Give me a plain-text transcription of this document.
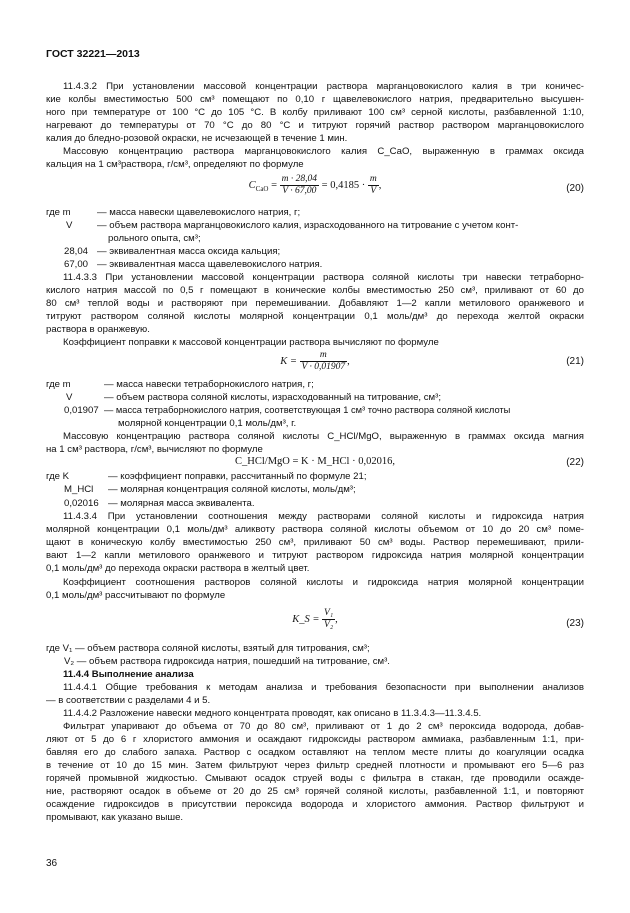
ГОСТ 32221—2013
11.4.3.2 При установлении массовой концентрации раствора марганцовокислого калия в три коничес-
кие колбы вместимостью 500 см³ помещают по 0,10 г щавелевокислого натрия, предварительно высушен-
ного при температуре от 100 °С до 105 °С. В колбу приливают 100 см³ серной кислоты, разбавленной 1:10,
нагревают до температуры от 70 °С до 80 °С и титруют горячий раствор раствором марганцовокислого
калия до бледно-розовой окраски, не исчезающей в течение 1 мин.
Массовую концентрацию раствора марганцовокислого калия C_CaO, выраженную в граммах оксида
кальция на 1 см³раствора, г/см³, определяют по формуле
$C_{CaO} = \frac{m \cdot 28,04}{V \cdot 67,00} = 0,4185 \cdot \frac{m}{V}$ ,	(20)
где m	— масса навески щавелевокислого натрия, г;
V	— объем раствора марганцовокислого калия, израсходованного на титрование с учетом конт-
рольного опыта, см³;
28,04 — эквивалентная масса оксида кальция;
67,00 — эквивалентная масса щавелевокислого натрия.
11.4.3.3 При установлении массовой концентрации раствора соляной кислоты три навески тетраборно-
кислого натрия массой по 0,5 г помещают в конические колбы вместимостью 250 см³, приливают от 60 до
80 см³ теплой воды и растворяют при перемешивании. Добавляют 1—2 капли метилового оранжевого и
титруют раствором соляной кислоты молярной концентрации 0,1 моль/дм³ до перехода желтой окраски
раствора в оранжевую.
Коэффициент поправки к массовой концентрации раствора вычисляют по формуле
$K = \frac{m}{V \cdot 0,01907}$ ,	(21)
где m	— масса навески тетраборнокислого натрия, г;
V	— объем раствора соляной кислоты, израсходованный на титрование, см³;
0,01907 — масса тетраборнокислого натрия, соответствующая 1 см³ точно раствора соляной кислоты
молярной концентрации 0,1 моль/дм³, г.
Массовую концентрацию раствора соляной кислоты C_HCl/MgO, выраженную в граммах оксида магния
на 1 см³ раствора, г/см³, вычисляют по формуле
C_HCl/MgO = K · M_HCl · 0,02016,	(22)
где K	— коэффициент поправки, рассчитанный по формуле 21;
M_HCl — молярная концентрация соляной кислоты, моль/дм³;
0,02016 — молярная масса эквивалента.
11.4.3.4 При установлении соотношения между растворами соляной кислоты и гидроксида натрия
молярной концентрации 0,1 моль/дм³ аликвоту раствора соляной кислоты объемом от 10 до 20 см³ поме-
щают в коническую колбу вместимостью 250 см³, приливают 50 см³ воды. Раствор перемешивают, прили-
вают 1—2 капли метилового оранжевого и титруют раствором гидроксида натрия молярной концентрации
0,1 моль/дм³ до перехода окраски раствора в желтый цвет.
Коэффициент соотношения растворов соляной кислоты и гидроксида натрия молярной концентрации
0,1 моль/дм³ рассчитывают по формуле
K_S = $\frac{\text{V₁}}{\text{V₂}}$ ,	(23)
где V₁ — объем раствора соляной кислоты, взятый для титрования, см³;
V₂ — объем раствора гидроксида натрия, пошедший на титрование, см³.
11.4.4 Выполнение анализа
11.4.4.1 Общие требования к методам анализа и требования безопасности при выполнении анализов
— в соответствии с разделами 4 и 5.
11.4.4.2 Разложение навески медного концентрата проводят, как описано в 11.3.4.3—11.3.4.5.
Фильтрат упаривают до объема от 70 до 80 см³, приливают от 1 до 2 см³ пероксида водорода, добав-
ляют от 5 до 6 г хлористого аммония и осаждают гидроксиды раствором аммиака, разбавленным 1:1, при-
бавляя его до слабого запаха. Раствор с осадком оставляют на теплом месте плиты до коагуляции осадка
в течение от 10 до 15 мин. Затем фильтруют через фильтр средней плотности и промывают его 5—6 раз
горячей промывной жидкостью. Смывают осадок струей воды с фильтра в стакан, где проводили осажде-
ние, растворяют осадок в объеме от 20 до 25 см³ горячей соляной кислоты, разбавленной 1:1, и повторяют
осаждение гидроксидов в присутствии пероксида водорода и хлористого аммония. Раствор фильтруют и
промывают, как указано выше.
36
